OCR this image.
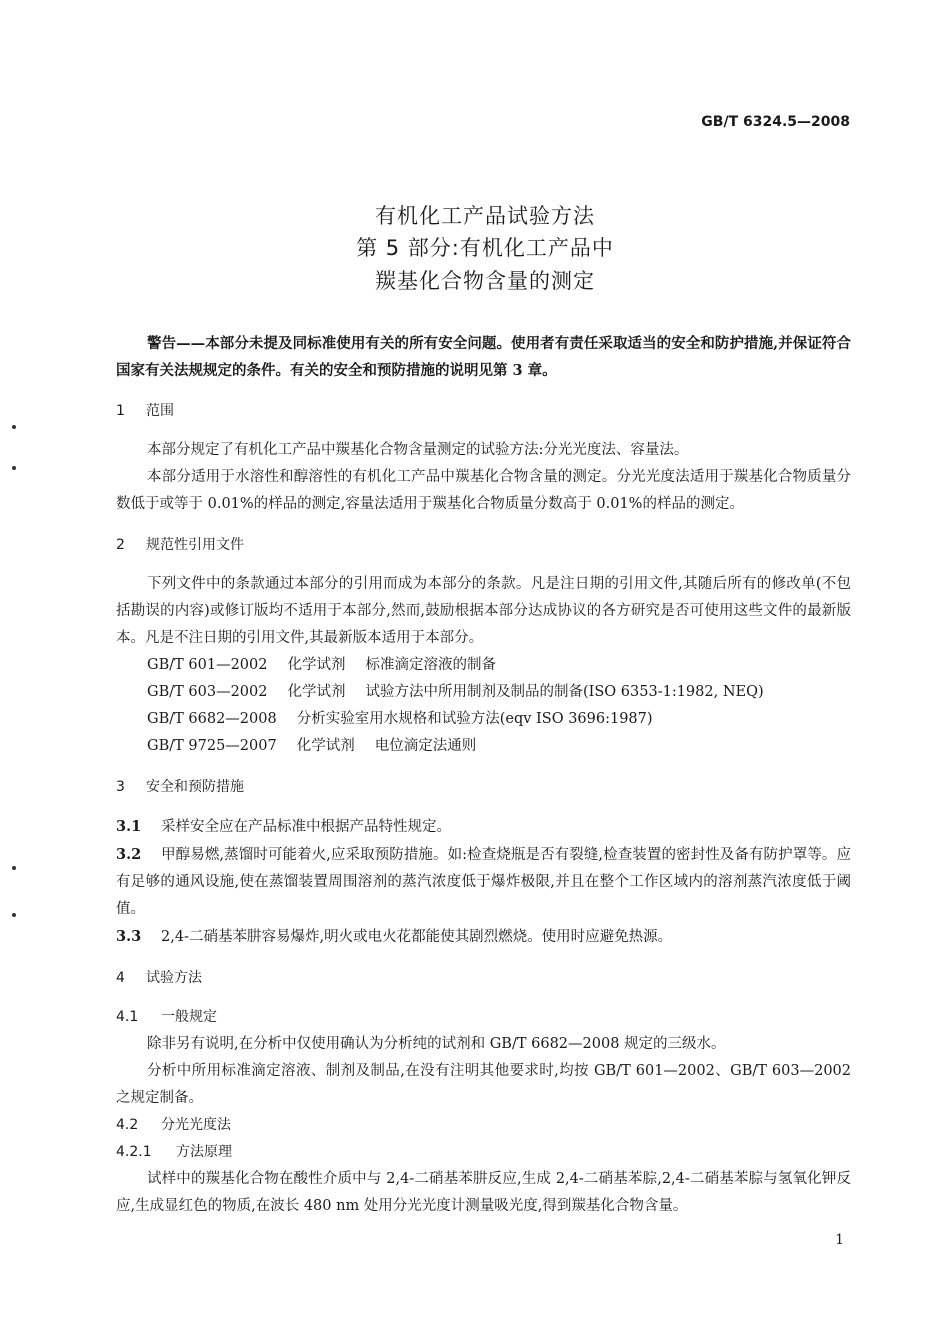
GB/T 6324.5—2008
有机化工产品试验方法
第 5 部分:有机化工产品中
羰基化合物含量的测定

警告——本部分未提及同标准使用有关的所有安全问题。使用者有责任采取适当的安全和防护措施,并保证符合国家有关法规规定的条件。有关的安全和预防措施的说明见第 3 章。

1 范围

本部分规定了有机化工产品中羰基化合物含量测定的试验方法:分光光度法、容量法。

本部分适用于水溶性和醇溶性的有机化工产品中羰基化合物含量的测定。分光光度法适用于羰基化合物质量分数低于或等于 0.01%的样品的测定,容量法适用于羰基化合物质量分数高于 0.01%的样品的测定。

2 规范性引用文件

下列文件中的条款通过本部分的引用而成为本部分的条款。凡是注日期的引用文件,其随后所有的修改单(不包括勘误的内容)或修订版均不适用于本部分,然而,鼓励根据本部分达成协议的各方研究是否可使用这些文件的最新版本。凡是不注日期的引用文件,其最新版本适用于本部分。

GB/T 601—2002 化学试剂 标准滴定溶液的制备

GB/T 603—2002 化学试剂 试验方法中所用制剂及制品的制备(ISO 6353-1:1982, NEQ)

GB/T 6682—2008 分析实验室用水规格和试验方法(eqv ISO 3696:1987)

GB/T 9725—2007 化学试剂 电位滴定法通则

3 安全和预防措施

3.1 采样安全应在产品标准中根据产品特性规定。

3.2 甲醇易燃,蒸馏时可能着火,应采取预防措施。如:检查烧瓶是否有裂缝,检查装置的密封性及备有防护罩等。应有足够的通风设施,使在蒸馏装置周围溶剂的蒸汽浓度低于爆炸极限,并且在整个工作区域内的溶剂蒸汽浓度低于阈值。

3.3 2,4-二硝基苯肼容易爆炸,明火或电火花都能使其剧烈燃烧。使用时应避免热源。

4 试验方法
4.1 一般规定

除非另有说明,在分析中仅使用确认为分析纯的试剂和 GB/T 6682—2008 规定的三级水。

分析中所用标准滴定溶液、制剂及制品,在没有注明其他要求时,均按 GB/T 601—2002、GB/T 603—2002 之规定制备。

4.2 分光光度法
4.2.1 方法原理

试样中的羰基化合物在酸性介质中与 2,4-二硝基苯肼反应,生成 2,4-二硝基苯腙,2,4-二硝基苯腙与氢氧化钾反应,生成显红色的物质,在波长 480 nm 处用分光光度计测量吸光度,得到羰基化合物含量。

1
